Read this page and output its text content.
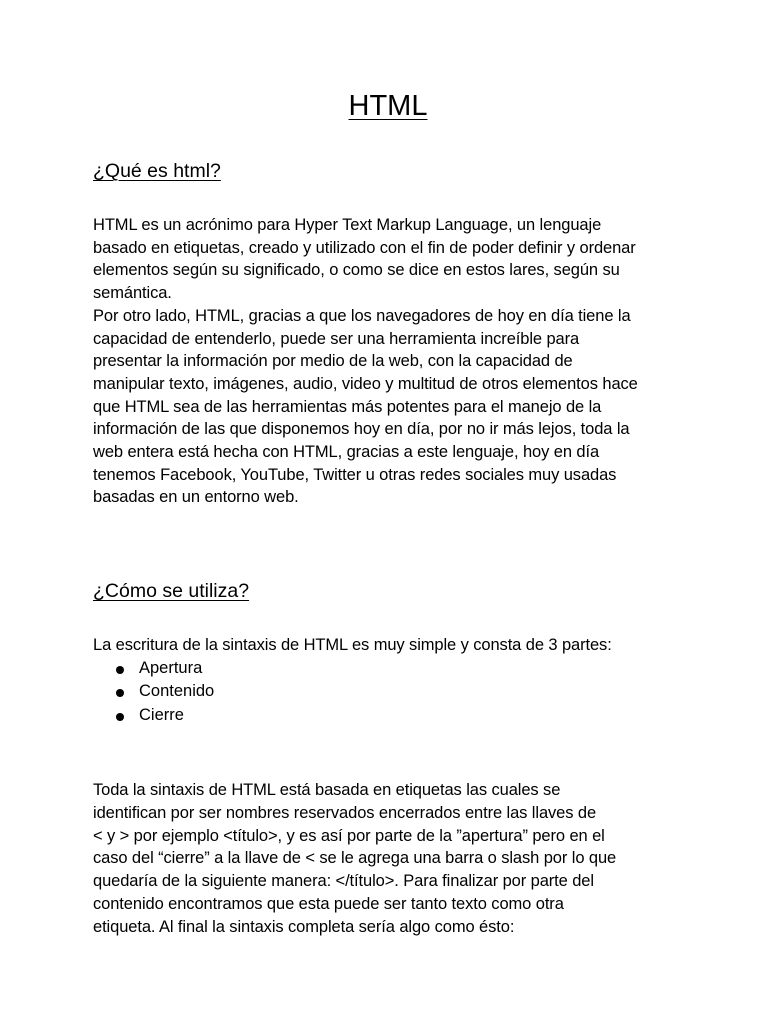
HTML
¿Qué es html?

HTML es un acrónimo para Hyper Text Markup Language, un lenguaje
basado en etiquetas, creado y utilizado con el fin de poder definir y ordenar
elementos según su significado, o como se dice en estos lares, según su
semántica.
Por otro lado, HTML, gracias a que los navegadores de hoy en día tiene la
capacidad de entenderlo, puede ser una herramienta increíble para
presentar la información por medio de la web, con la capacidad de
manipular texto, imágenes, audio, video y multitud de otros elementos hace
que HTML sea de las herramientas más potentes para el manejo de la
información de las que disponemos hoy en día, por no ir más lejos, toda la
web entera está hecha con HTML, gracias a este lenguaje, hoy en día
tenemos Facebook, YouTube, Twitter u otras redes sociales muy usadas
basadas en un entorno web.

¿Cómo se utiliza?

La escritura de la sintaxis de HTML es muy simple y consta de 3 partes:

Apertura
Contenido
Cierre

Toda la sintaxis de HTML está basada en etiquetas las cuales se
identifican por ser nombres reservados encerrados entre las llaves de
< y > por ejemplo <título>, y es así por parte de la ”apertura” pero en el
caso del “cierre” a la llave de < se le agrega una barra o slash por lo que
quedaría de la siguiente manera: </título>. Para finalizar por parte del
contenido encontramos que esta puede ser tanto texto como otra
etiqueta. Al final la sintaxis completa sería algo como ésto:
